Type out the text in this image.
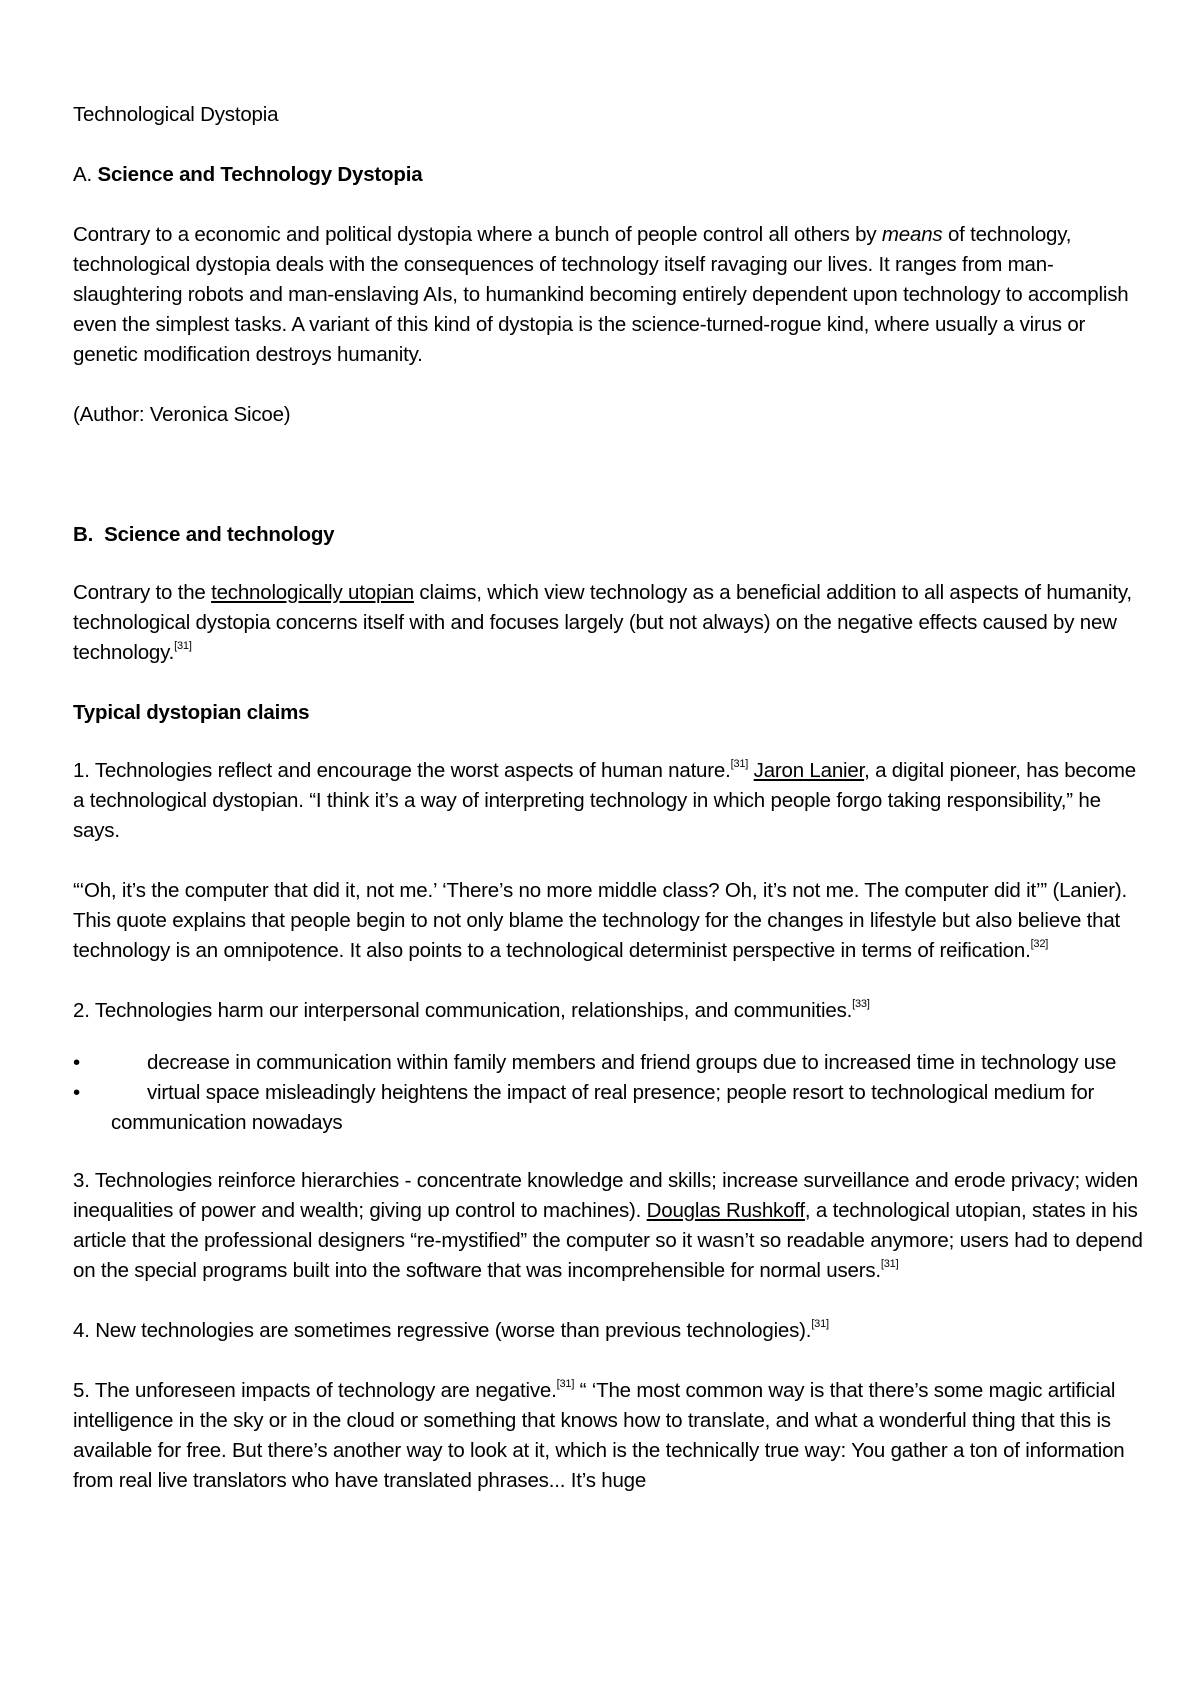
Technological Dystopia

A. Science and Technology Dystopia

Contrary to a economic and political dystopia where a bunch of people control all others by means of technology, technological dystopia deals with the consequences of technology itself ravaging our lives. It ranges from man-slaughtering robots and man-enslaving AIs, to humankind becoming entirely dependent upon technology to accomplish even the simplest tasks. A variant of this kind of dystopia is the science-turned-rogue kind, where usually a virus or genetic modification destroys humanity.

(Author: Veronica Sicoe)

B. Science and technology

Contrary to the technologically utopian claims, which view technology as a beneficial addition to all aspects of humanity, technological dystopia concerns itself with and focuses largely (but not always) on the negative effects caused by new technology.[31]

Typical dystopian claims

1. Technologies reflect and encourage the worst aspects of human nature.[31] Jaron Lanier, a digital pioneer, has become a technological dystopian. “I think it’s a way of interpreting technology in which people forgo taking responsibility,” he says.

“‘Oh, it’s the computer that did it, not me.’ ‘There’s no more middle class? Oh, it’s not me. The computer did it’” (Lanier). This quote explains that people begin to not only blame the technology for the changes in lifestyle but also believe that technology is an omnipotence. It also points to a technological determinist perspective in terms of reification.[32]

2. Technologies harm our interpersonal communication, relationships, and communities.[33]

•	decrease in communication within family members and friend groups due to increased time in technology use
•	virtual space misleadingly heightens the impact of real presence; people resort to technological medium for communication nowadays

3. Technologies reinforce hierarchies - concentrate knowledge and skills; increase surveillance and erode privacy; widen inequalities of power and wealth; giving up control to machines). Douglas Rushkoff, a technological utopian, states in his article that the professional designers “re-mystified” the computer so it wasn’t so readable anymore; users had to depend on the special programs built into the software that was incomprehensible for normal users.[31]

4. New technologies are sometimes regressive (worse than previous technologies).[31]

5. The unforeseen impacts of technology are negative.[31] “ ‘The most common way is that there’s some magic artificial intelligence in the sky or in the cloud or something that knows how to translate, and what a wonderful thing that this is available for free. But there’s another way to look at it, which is the technically true way: You gather a ton of information from real live translators who have translated phrases... It’s huge
